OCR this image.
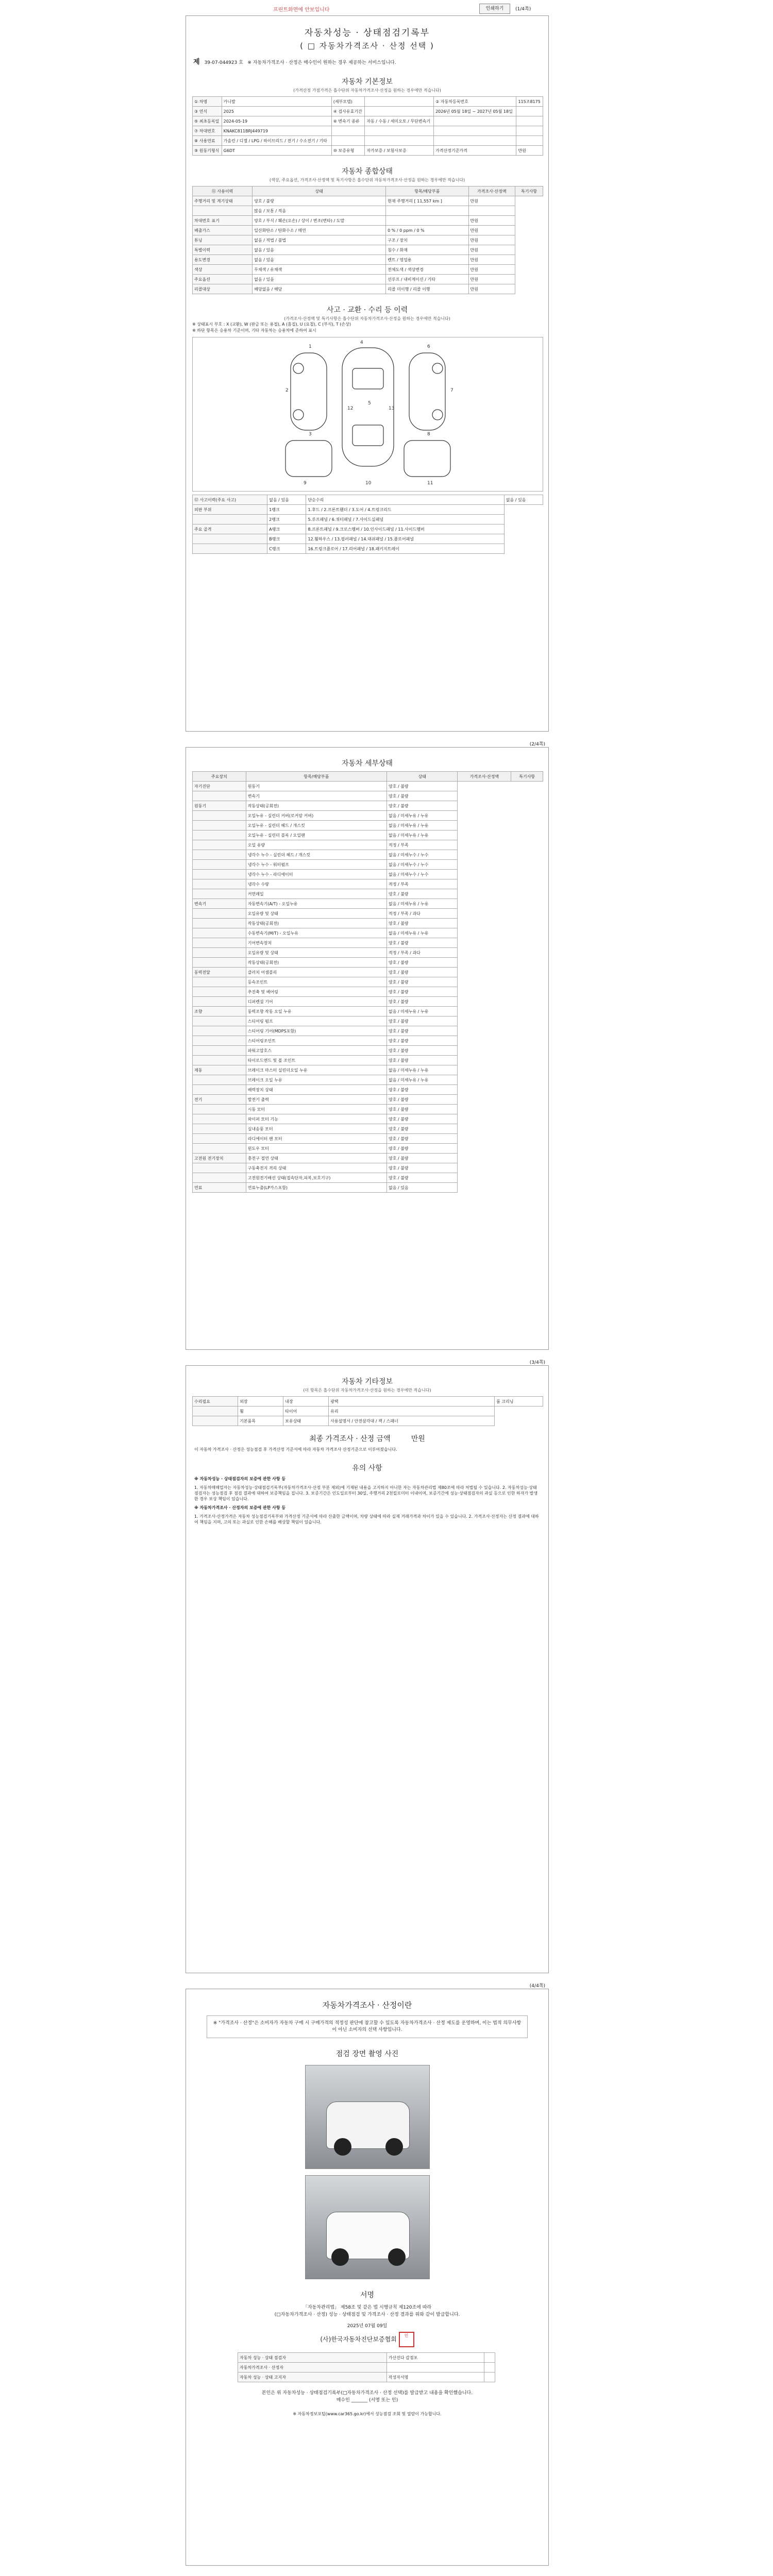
프린트화면에 안보입니다	인쇄하기	(1/4쪽)
자동차성능 · 상태점검기록부
( □ 자동차가격조사 · 산정 선택 )
제 39-07-044923 호 ※ 자동차가격조사 · 산정은 매수인이 원하는 경우 제공하는 서비스입니다.
자동차 기본정보
(가격산정 가점가격은 흡수단위 자동차가격조사·산정을 원하는 경우에만 적습니다)
① 차명	카니발	(세부모델)		② 자동차등록번호	115조8175
③ 연식	2025	④ 검사유효기간		2026년 05월 18일 ~ 2027년 05월 18일	
⑤ 최초등록일	2024-05-19	⑥ 변속기 종류	자동 / 수동 / 세미오토 / 무단변속기		
⑦ 차대번호	KNAKC811BRJ449719				
⑧ 사용연료	가솔린 / 디젤 / LPG / 하이브리드 / 전기 / 수소전기 / 기타				
⑨ 원동기형식	G6DT	⑩ 보증유형	자가보증 / 보험사보증	가격산정기준가격	만원
자동차 종합상태
(색상, 주요옵션, 가격조사·산정액 및 특기사항은 흡수단위 자동차가격조사·산정을 원하는 경우에만 적습니다)
⑪ 사용이력	상태	항목/해당부품	가격조사·산정액	특기사항
주행거리 및 계기상태	양호 / 불량	현재 주행거리 [ 11,557 km ]	만원	
	많음 / 보통 / 적음			
차대번호 표기	양호 / 부식 / 훼손(오손) / 상이 / 변조(변타) / 도말		만원	
배출가스	일산화탄소 / 탄화수소 / 매연	0 % / 0 ppm / 0 %	만원	
튜닝	없음 / 적법 / 불법	구조 / 장치	만원	
특별이력	없음 / 있음	침수 / 화재	만원	
용도변경	없음 / 있음	렌트 / 영업용	만원	
색상	무채색 / 유채색	전체도색 / 색상변경	만원	
주요옵션	없음 / 있음	선루프 / 내비게이션 / 기타	만원	
리콜대상	해당없음 / 해당	리콜 미이행 / 리콜 이행	만원	
사고 · 교환 · 수리 등 이력
(가격조사·산정액 및 특기사항은 흡수단위 자동차가격조사·산정을 원하는 경우에만 적습니다)
※ 상태표시 부호 : X (교환), W (판금 또는 용접), A (흠집), U (요철), C (부식), T (손상)
※ 하단 항목은 승용차 기준이며, 기타 자동차는 승용차에 준하여 표시
1
2
3
4
5
6
7
8
9	10	11
12	13
⑫ 사고이력(주요 사고)	없음 / 있음	단순수리	없음 / 있음
외판 부위	1랭크	1.후드 / 2.프론트휀더 / 3.도어 / 4.트렁크리드	
	2랭크	5.루프패널 / 6.쿼터패널 / 7.사이드실패널	
주요 골격	A랭크	8.프론트패널 / 9.크로스멤버 / 10.인사이드패널 / 11.사이드멤버	
	B랭크	12.휠하우스 / 13.필러패널 / 14.대쉬패널 / 15.플로어패널	
	C랭크	16.트렁크플로어 / 17.리어패널 / 18.패키지트레이	
(2/4쪽)
자동차 세부상태
주요장치	항목/해당부품	상태	가격조사·산정액	특기사항
자기진단	원동기	양호 / 불량		
	변속기	양호 / 불량		
원동기	작동상태(공회전)	양호 / 불량		
	오일누유 - 실린더 커버(로커암 커버)	없음 / 미세누유 / 누유		
	오일누유 - 실린더 헤드 / 개스킷	없음 / 미세누유 / 누유		
	오일누유 - 실린더 블록 / 오일팬	없음 / 미세누유 / 누유		
	오일 유량	적정 / 부족		
	냉각수 누수 - 실린더 헤드 / 개스킷	없음 / 미세누수 / 누수		
	냉각수 누수 - 워터펌프	없음 / 미세누수 / 누수		
	냉각수 누수 - 라디에이터	없음 / 미세누수 / 누수		
	냉각수 수량	적정 / 부족		
	커먼레일	양호 / 불량		
변속기	자동변속기(A/T) - 오일누유	없음 / 미세누유 / 누유		
	오일유량 및 상태	적정 / 부족 / 과다		
	작동상태(공회전)	양호 / 불량		
	수동변속기(M/T) - 오일누유	없음 / 미세누유 / 누유		
	기어변속장치	양호 / 불량		
	오일유량 및 상태	적정 / 부족 / 과다		
	작동상태(공회전)	양호 / 불량		
동력전달	클러치 어셈블리	양호 / 불량		
	등속조인트	양호 / 불량		
	추진축 및 베어링	양호 / 불량		
	디퍼렌셜 기어	양호 / 불량		
조향	동력조향 작동 오일 누유	없음 / 미세누유 / 누유		
	스티어링 펌프	양호 / 불량		
	스티어링 기어(MDPS포함)	양호 / 불량		
	스티어링조인트	양호 / 불량		
	파워고압호스	양호 / 불량		
	타이로드엔드 및 볼 조인트	양호 / 불량		
제동	브레이크 마스터 실린더오일 누유	없음 / 미세누유 / 누유		
	브레이크 오일 누유	없음 / 미세누유 / 누유		
	배력장치 상태	양호 / 불량		
전기	발전기 출력	양호 / 불량		
	시동 모터	양호 / 불량		
	와이퍼 모터 기능	양호 / 불량		
	실내송풍 모터	양호 / 불량		
	라디에이터 팬 모터	양호 / 불량		
	윈도우 모터	양호 / 불량		
고전원 전기장치	충전구 절연 상태	양호 / 불량		
	구동축전지 격리 상태	양호 / 불량		
	고전원전기배선 상태(접속단자,피복,보호기구)	양호 / 불량		
연료	연료누출(LP가스포함)	없음 / 있음		
(3/4쪽)
자동차 기타정보
(더 항목은 흡수단위 자동차가격조사·산정을 원하는 경우에만 적습니다)
수리필요	외장	내장	광택	룸 크리닝
	휠	타이어	유리	
	기본품목	보유상태	사용설명서 / 안전삼각대 / 잭 / 스패너	
최종 가격조사 · 산정 금액	만원
이 자동차 가격조사 · 산정은 성능점검 후 가격산정 기준서에 따라 자동차 가격조사 산정기준으로 이루어졌습니다.
유의 사항
※ 자동차성능 · 상태점검자의 보증에 관한 사항 등
1. 자동차매매업자는 자동차성능·상태점검기록부(자동차가격조사·산정 부분 제외)에 기재된 내용을 고지하지 아니한 자는 자동차관리법 제80조에 따라 처벌될 수 있습니다. 2. 자동차성능·상태점검자는 성능점검 후 점검 결과에 대하여 보증책임을 집니다. 3. 보증기간은 인도일로부터 30일, 주행거리 2천킬로미터 이내이며, 보증기간에 성능·상태점검자의 과실 등으로 인한 하자가 발생한 경우 보상 책임이 있습니다.
※ 자동차가격조사 · 산정자의 보증에 관한 사항 등
1. 가격조사·산정가격은 자동차 성능점검기록부와 가격산정 기준서에 따라 산출한 금액이며, 차량 상태에 따라 실제 거래가격과 차이가 있을 수 있습니다. 2. 가격조사·산정자는 산정 결과에 대하여 책임을 지며, 고의 또는 과실로 인한 손해를 배상할 책임이 있습니다.
(4/4쪽)
자동차가격조사 · 산정이란
※ "가격조사 · 산정"은 소비자가 자동차 구매 시 구매가격의 적정성 판단에 참고할 수 있도록 자동차가격조사 · 산정 제도를 운영하며, 이는 법적 의무사항이 아닌 소비자의 선택 사항입니다.
점검 장면 촬영 사진
서명
「자동차관리법」 제58조 및 같은 법 시행규칙 제120조에 따라
(□자동차가격조사 · 산정) 성능 · 상태점검 및 가격조사 · 산정 결과를 위와 같이 발급합니다.
2025년 07월 09일
(사)한국자동차진단보증협회 인
자동차 성능 · 상태 점검자	가산진다 갑점포	
자동차가격조사 · 산정자		
자동차 성능 · 상태 고지자	작성자서명	
본인은 위 자동차성능 · 상태점검기록부(□자동차가격조사 · 산정 선택)를 발급받고 내용을 확인했습니다.
매수인 _______ (서명 또는 인)
※ 자동차정보포털(www.car365.go.kr)에서 성능점검 조회 및 열람이 가능합니다.
